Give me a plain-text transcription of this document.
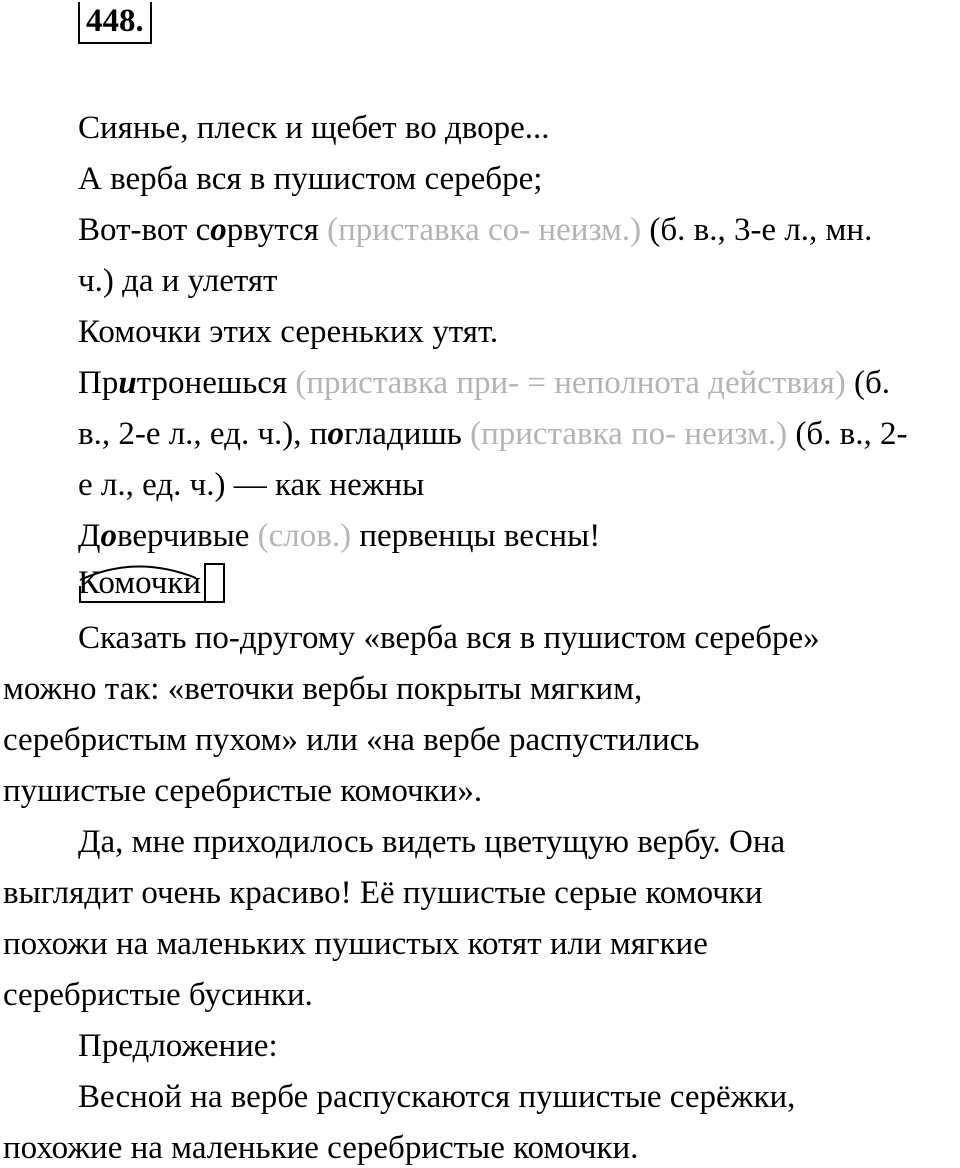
448.
Сиянье, плеск и щебет во дворе...
А верба вся в пушистом серебре;
Вот-вот сорвутся (приставка со- неизм.) (б. в., 3-е л., мн.
ч.) да и улетят
Комочки этих сереньких утят.
Притронешься (приставка при- = неполнота действия) (б.
в., 2-е л., ед. ч.), погладишь (приставка по- неизм.) (б. в., 2-
е л., ед. ч.) — как нежны
Доверчивые (слов.) первенцы весны!
Комочки
Сказать по-другому «верба вся в пушистом серебре»
можно так: «веточки вербы покрыты мягким,
серебристым пухом» или «на вербе распустились
пушистые серебристые комочки».
Да, мне приходилось видеть цветущую вербу. Она
выглядит очень красиво! Её пушистые серые комочки
похожи на маленьких пушистых котят или мягкие
серебристые бусинки.
Предложение:
Весной на вербе распускаются пушистые серёжки,
похожие на маленькие серебристые комочки.
